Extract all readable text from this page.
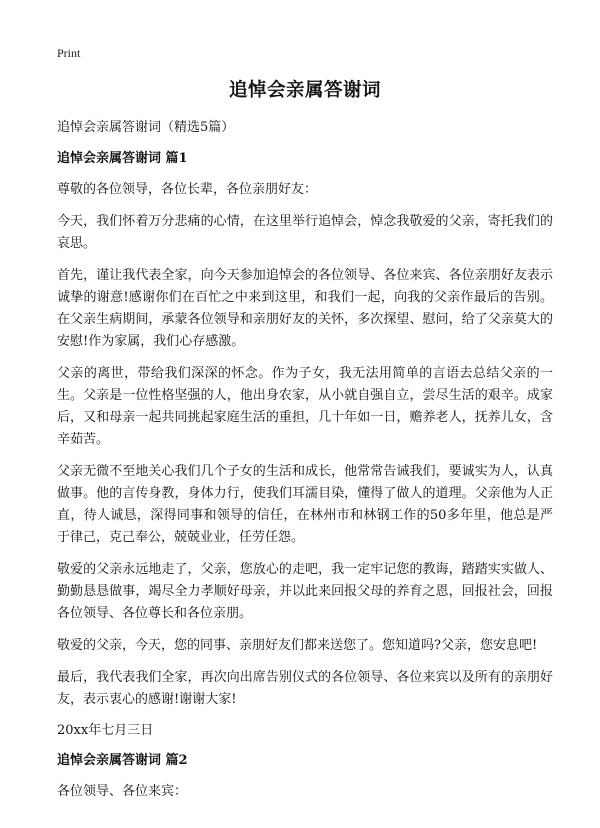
Print
追悼会亲属答谢词
追悼会亲属答谢词（精选5篇）
追悼会亲属答谢词 篇1

尊敬的各位领导，各位长辈，各位亲朋好友：

今天，我们怀着万分悲痛的心情，在这里举行追悼会，悼念我敬爱的父亲，寄托我们的哀思。

首先，谨让我代表全家，向今天参加追悼会的各位领导、各位来宾、各位亲朋好友表示诚挚的谢意!感谢你们在百忙之中来到这里，和我们一起，向我的父亲作最后的告别。在父亲生病期间，承蒙各位领导和亲朋好友的关怀，多次探望、慰问，给了父亲莫大的安慰!作为家属，我们心存感激。

父亲的离世，带给我们深深的怀念。作为子女，我无法用简单的言语去总结父亲的一生。父亲是一位性格坚强的人，他出身农家，从小就自强自立，尝尽生活的艰辛。成家后，又和母亲一起共同挑起家庭生活的重担，几十年如一日，赡养老人，抚养儿女，含辛茹苦。

父亲无微不至地关心我们几个子女的生活和成长，他常常告诫我们，要诚实为人，认真做事。他的言传身教，身体力行，使我们耳濡目染，懂得了做人的道理。父亲他为人正直，待人诚恳，深得同事和领导的信任，在林州市和林钢工作的50多年里，他总是严于律己，克己奉公，兢兢业业，任劳任怨。

敬爱的父亲永远地走了，父亲，您放心的走吧，我一定牢记您的教诲，踏踏实实做人、勤勤恳恳做事，竭尽全力孝顺好母亲，并以此来回报父母的养育之恩，回报社会，回报各位领导、各位尊长和各位亲朋。

敬爱的父亲，今天，您的同事、亲朋好友们都来送您了。您知道吗?父亲，您安息吧!

最后，我代表我们全家，再次向出席告别仪式的各位领导、各位来宾以及所有的亲朋好友，表示衷心的感谢!谢谢大家!

20xx年七月三日
追悼会亲属答谢词 篇2

各位领导、各位来宾：
